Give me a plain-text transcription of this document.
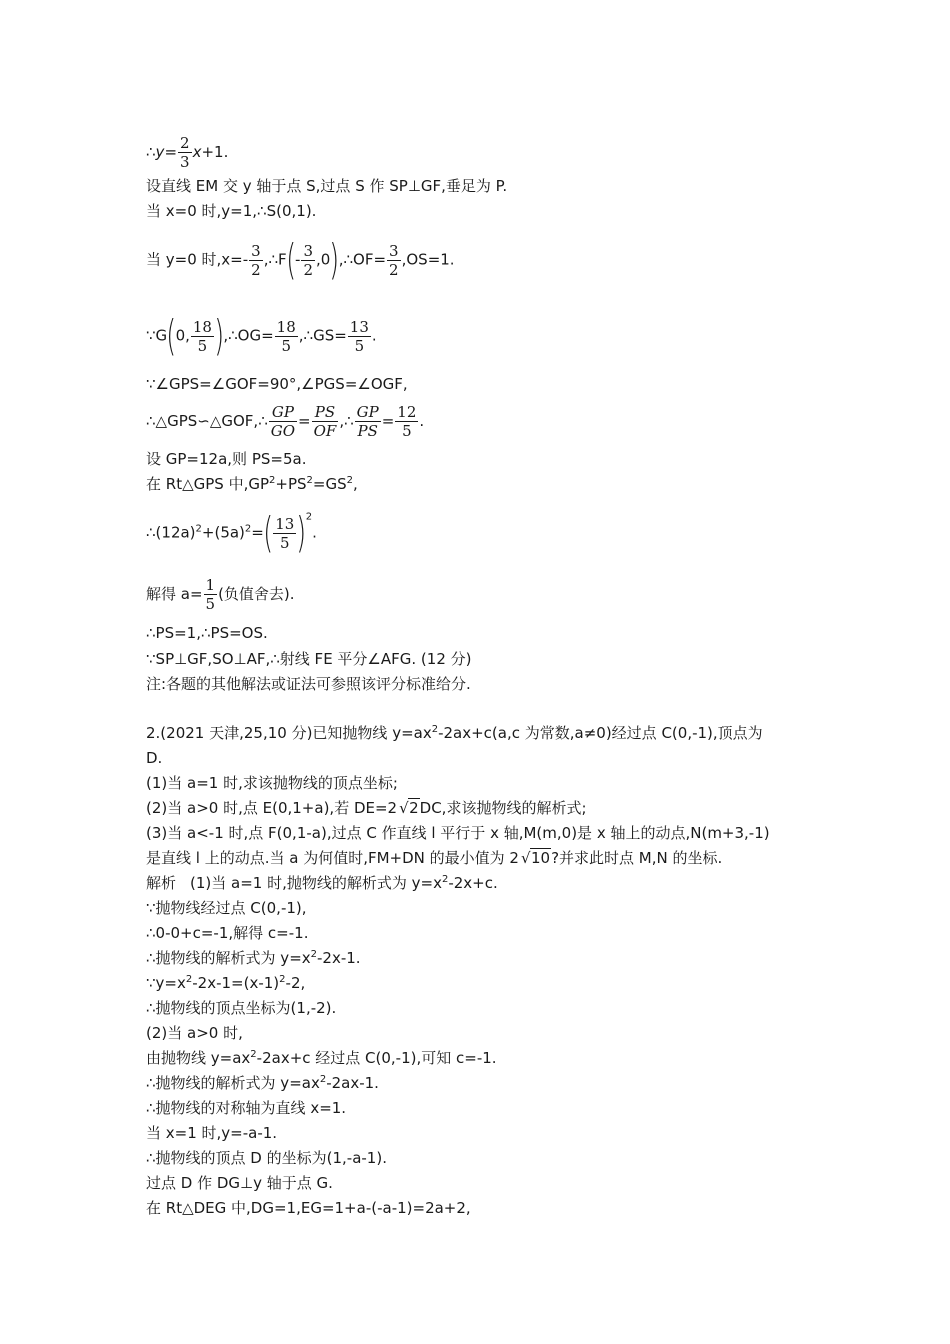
∴y= $\frac{2}{3} x+1$.
设直线 EM 交 y 轴于点 S,过点 S 作 SP⊥GF,垂足为 P.
当 x=0 时,y=1,∴S(0,1).
当 y=0 时$,x=- \frac{3}{2}$ ,∴F(- $\frac{3}{2}$ ,0),∴OF= $\frac{3}{2} ,OS=1$.
∵G(0, $\frac{18}{5}$ ),∴OG= $\frac{18}{5}$ ,∴GS= $\frac{13}{5}$ .
∵∠GPS=∠GOF=90°,∠PGS=∠OGF,
∴△GPS∽△GOF,∴ $\frac{GP}{GO} = \frac{PS}{OF}$ ,∴ $\frac{GP}{PS} = \frac{12}{5}$ .
设 GP=12a,则 PS=5a.
在 Rt△GPS 中$,GP^2+PS^2=GS^2$,
$\therefore(12a)^2+(5a)^2=( \frac{13}{5} )^2$.
解得 $a= \frac{1}{5}$ (负值舍去).
∴PS=1,∴PS=OS.
∵SP⊥GF,SO⊥AF,∴射线 FE 平分∠AFG. (12 分)
注:各题的其他解法或证法可参照该评分标准给分.
2.(2021 天津,25,10 分)已知抛物线 $y=ax^2-2ax+c(a,c$ 为常数,a≠0)经过点 C(0,-1),顶点为
D.
(1)当 a=1 时,求该抛物线的顶点坐标;
(2)当 a>0 时,点 E(0,1+a),若 DE=2 √ 2DC,求该抛物线的解析式;
(3)当 a<-1 时,点 F(0,1-a),过点 C 作直线 l 平行于 x 轴,M(m,0)是 x 轴上的动点,N(m+3,-1)
是直线 l 上的动点.当 a 为何值时,FM+DN 的最小值为 2 √ 10?并求此时点 M,N 的坐标.
解析 (1)当 a=1 时,抛物线的解析式为 $y=x^2-2x+c$.
∵抛物线经过点 C(0,-1),
∴0-0+c=-1,解得 c=-1.
∴抛物线的解析式为 $y=x^2-2x-1$.
$\because y=x^2-2x-1=(x-1)^2-2$,
∴抛物线的顶点坐标为(1,-2).
(2)当 a>0 时,
由抛物线 $y=ax^2-2ax+c$ 经过点 C(0,-1),可知 c=-1.
∴抛物线的解析式为 $y=ax^2-2ax-1$.
∴抛物线的对称轴为直线 x=1.
当 x=1 时,y=-a-1.
∴抛物线的顶点 D 的坐标为(1,-a-1).
过点 D 作 DG⊥y 轴于点 G.
在 Rt△DEG 中,DG=1,EG=1+a-(-a-1)=2a+2,
